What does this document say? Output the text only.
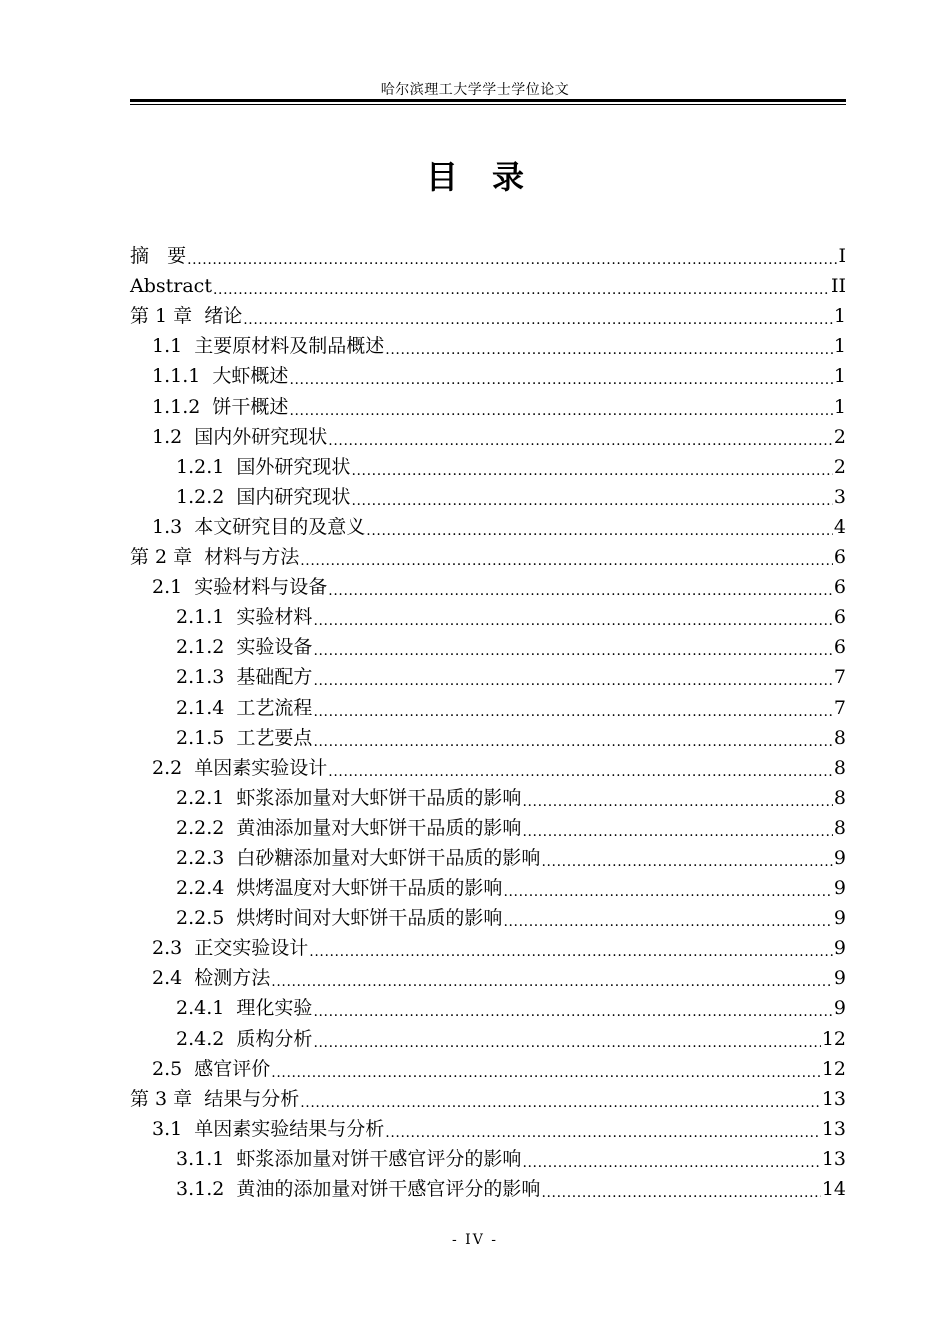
哈尔滨理工大学学士学位论文
目录
摘   要 .....	I
Abstract .....	II
第 1 章  绪论 .....	1
1.1  主要原材料及制品概述 .....	1
1.1.1  大虾概述 .....	1
1.1.2  饼干概述 .....	1
1.2  国内外研究现状 .....	2
1.2.1  国外研究现状 .....	2
1.2.2  国内研究现状 .....	3
1.3  本文研究目的及意义 .....	4
第 2 章  材料与方法 .....	6
2.1  实验材料与设备 .....	6
2.1.1  实验材料 .....	6
2.1.2  实验设备 .....	6
2.1.3  基础配方 .....	7
2.1.4  工艺流程 .....	7
2.1.5  工艺要点 .....	8
2.2  单因素实验设计 .....	8
2.2.1  虾浆添加量对大虾饼干品质的影响 .....	8
2.2.2  黄油添加量对大虾饼干品质的影响 .....	8
2.2.3  白砂糖添加量对大虾饼干品质的影响 .....	9
2.2.4  烘烤温度对大虾饼干品质的影响 .....	9
2.2.5  烘烤时间对大虾饼干品质的影响 .....	9
2.3  正交实验设计 .....	9
2.4  检测方法 .....	9
2.4.1  理化实验 .....	9
2.4.2  质构分析 .....	12
2.5  感官评价 .....	12
第 3 章  结果与分析 .....	13
3.1  单因素实验结果与分析 .....	13
3.1.1  虾浆添加量对饼干感官评分的影响 .....	13
3.1.2  黄油的添加量对饼干感官评分的影响 .....	14
- IV -
